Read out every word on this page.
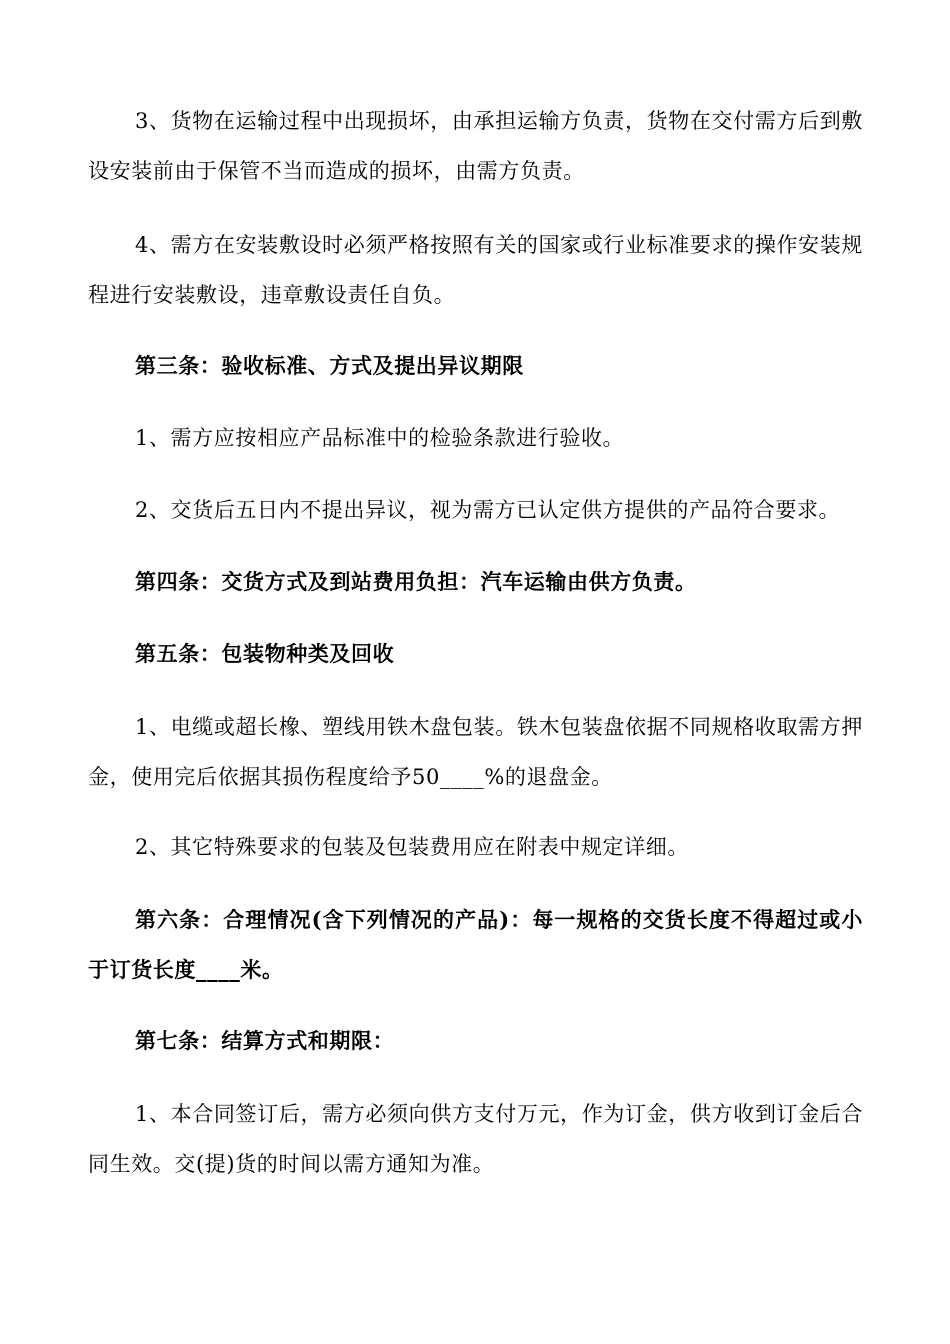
3、货物在运输过程中出现损坏，由承担运输方负责，货物在交付需方后到敷设安装前由于保管不当而造成的损坏，由需方负责。

4、需方在安装敷设时必须严格按照有关的国家或行业标准要求的操作安装规程进行安装敷设，违章敷设责任自负。

第三条：验收标准、方式及提出异议期限

1、需方应按相应产品标准中的检验条款进行验收。

2、交货后五日内不提出异议，视为需方已认定供方提供的产品符合要求。

第四条：交货方式及到站费用负担：汽车运输由供方负责。

第五条：包装物种类及回收

1、电缆或超长橡、塑线用铁木盘包装。铁木包装盘依据不同规格收取需方押金，使用完后依据其损伤程度给予50____%的退盘金。

2、其它特殊要求的包装及包装费用应在附表中规定详细。

第六条：合理情况(含下列情况的产品)：每一规格的交货长度不得超过或小于订货长度____米。

第七条：结算方式和期限：

1、本合同签订后，需方必须向供方支付万元，作为订金，供方收到订金后合同生效。交(提)货的时间以需方通知为准。
